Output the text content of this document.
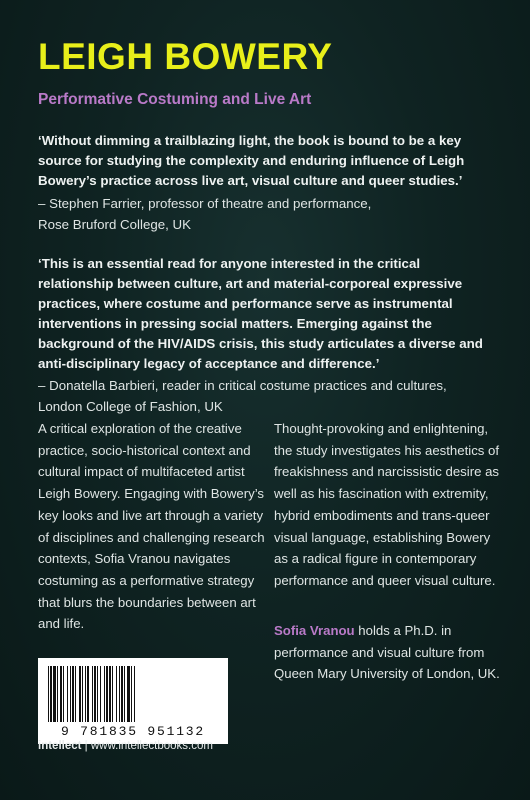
LEIGH BOWERY

Performative Costuming and Live Art

‘Without dimming a trailblazing light, the book is bound to be a key source for studying the complexity and enduring influence of Leigh Bowery’s practice across live art, visual culture and queer studies.’

– Stephen Farrier, professor of theatre and performance,
Rose Bruford College, UK

‘This is an essential read for anyone interested in the critical relationship between culture, art and material-corporeal expressive practices, where costume and performance serve as instrumental interventions in pressing social matters. Emerging against the background of the HIV/AIDS crisis, this study articulates a diverse and anti-disciplinary legacy of acceptance and difference.’

– Donatella Barbieri, reader in critical costume practices and cultures,
London College of Fashion, UK

A critical exploration of the creative practice, socio-historical context and cultural impact of multifaceted artist Leigh Bowery. Engaging with Bowery’s key looks and live art through a variety of disciplines and challenging research contexts, Sofia Vranou navigates costuming as a performative strategy that blurs the boundaries between art and life.

Thought-provoking and enlightening, the study investigates his aesthetics of freakishness and narcissistic desire as well as his fascination with extremity, hybrid embodiments and trans-queer visual language, establishing Bowery as a radical figure in contemporary performance and queer visual culture.

Sofia Vranou holds a Ph.D. in performance and visual culture from Queen Mary University of London, UK.

9 781835 951132
intellect | www.intellectbooks.com
